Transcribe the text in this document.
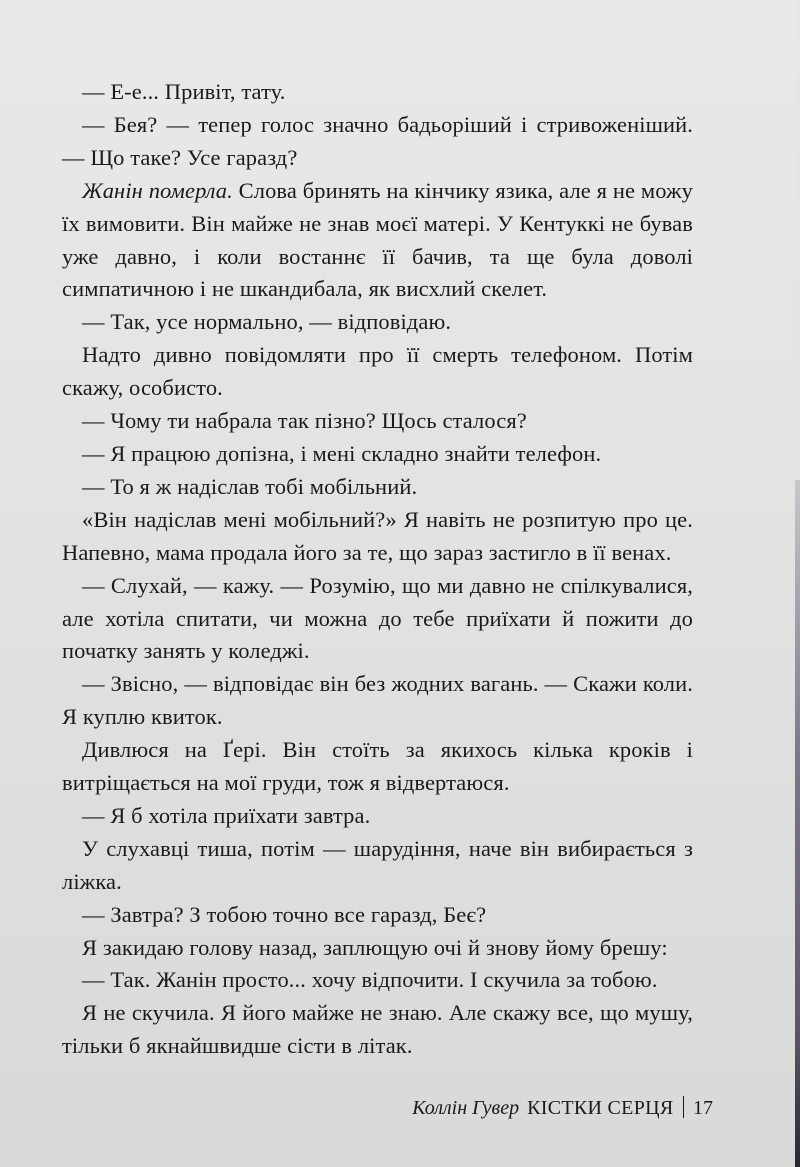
— Е-е... Привіт, тату.

— Бея? — тепер голос значно бадьоріший і стривоженіший. — Що таке? Усе гаразд?

Жанін померла. Слова бринять на кінчику язика, але я не можу їх вимовити. Він майже не знав моєї матері. У Кентуккі не бував уже давно, і коли востаннє її бачив, та ще була доволі симпатичною і не шкандибала, як висхлий скелет.

— Так, усе нормально, — відповідаю.

Надто дивно повідомляти про її смерть телефоном. Потім скажу, особисто.

— Чому ти набрала так пізно? Щось сталося?

— Я працюю допізна, і мені складно знайти телефон.

— То я ж надіслав тобі мобільний.

«Він надіслав мені мобільний?» Я навіть не розпитую про це. Напевно, мама продала його за те, що зараз застигло в її венах.

— Слухай, — кажу. — Розумію, що ми давно не спілкувалися, але хотіла спитати, чи можна до тебе приїхати й пожити до початку занять у коледжі.

— Звісно, — відповідає він без жодних вагань. — Скажи коли. Я куплю квиток.

Дивлюся на Ґері. Він стоїть за якихось кілька кроків і витріщається на мої груди, тож я відвертаюся.

— Я б хотіла приїхати завтра.

У слухавці тиша, потім — шарудіння, наче він вибирається з ліжка.

— Завтра? З тобою точно все гаразд, Беє?

Я закидаю голову назад, заплющую очі й знову йому брешу:

— Так. Жанін просто... хочу відпочити. І скучила за тобою.

Я не скучила. Я його майже не знаю. Але скажу все, що мушу, тільки б якнайшвидше сісти в літак.

Коллін Гувер КІСТКИ СЕРЦЯ 17
